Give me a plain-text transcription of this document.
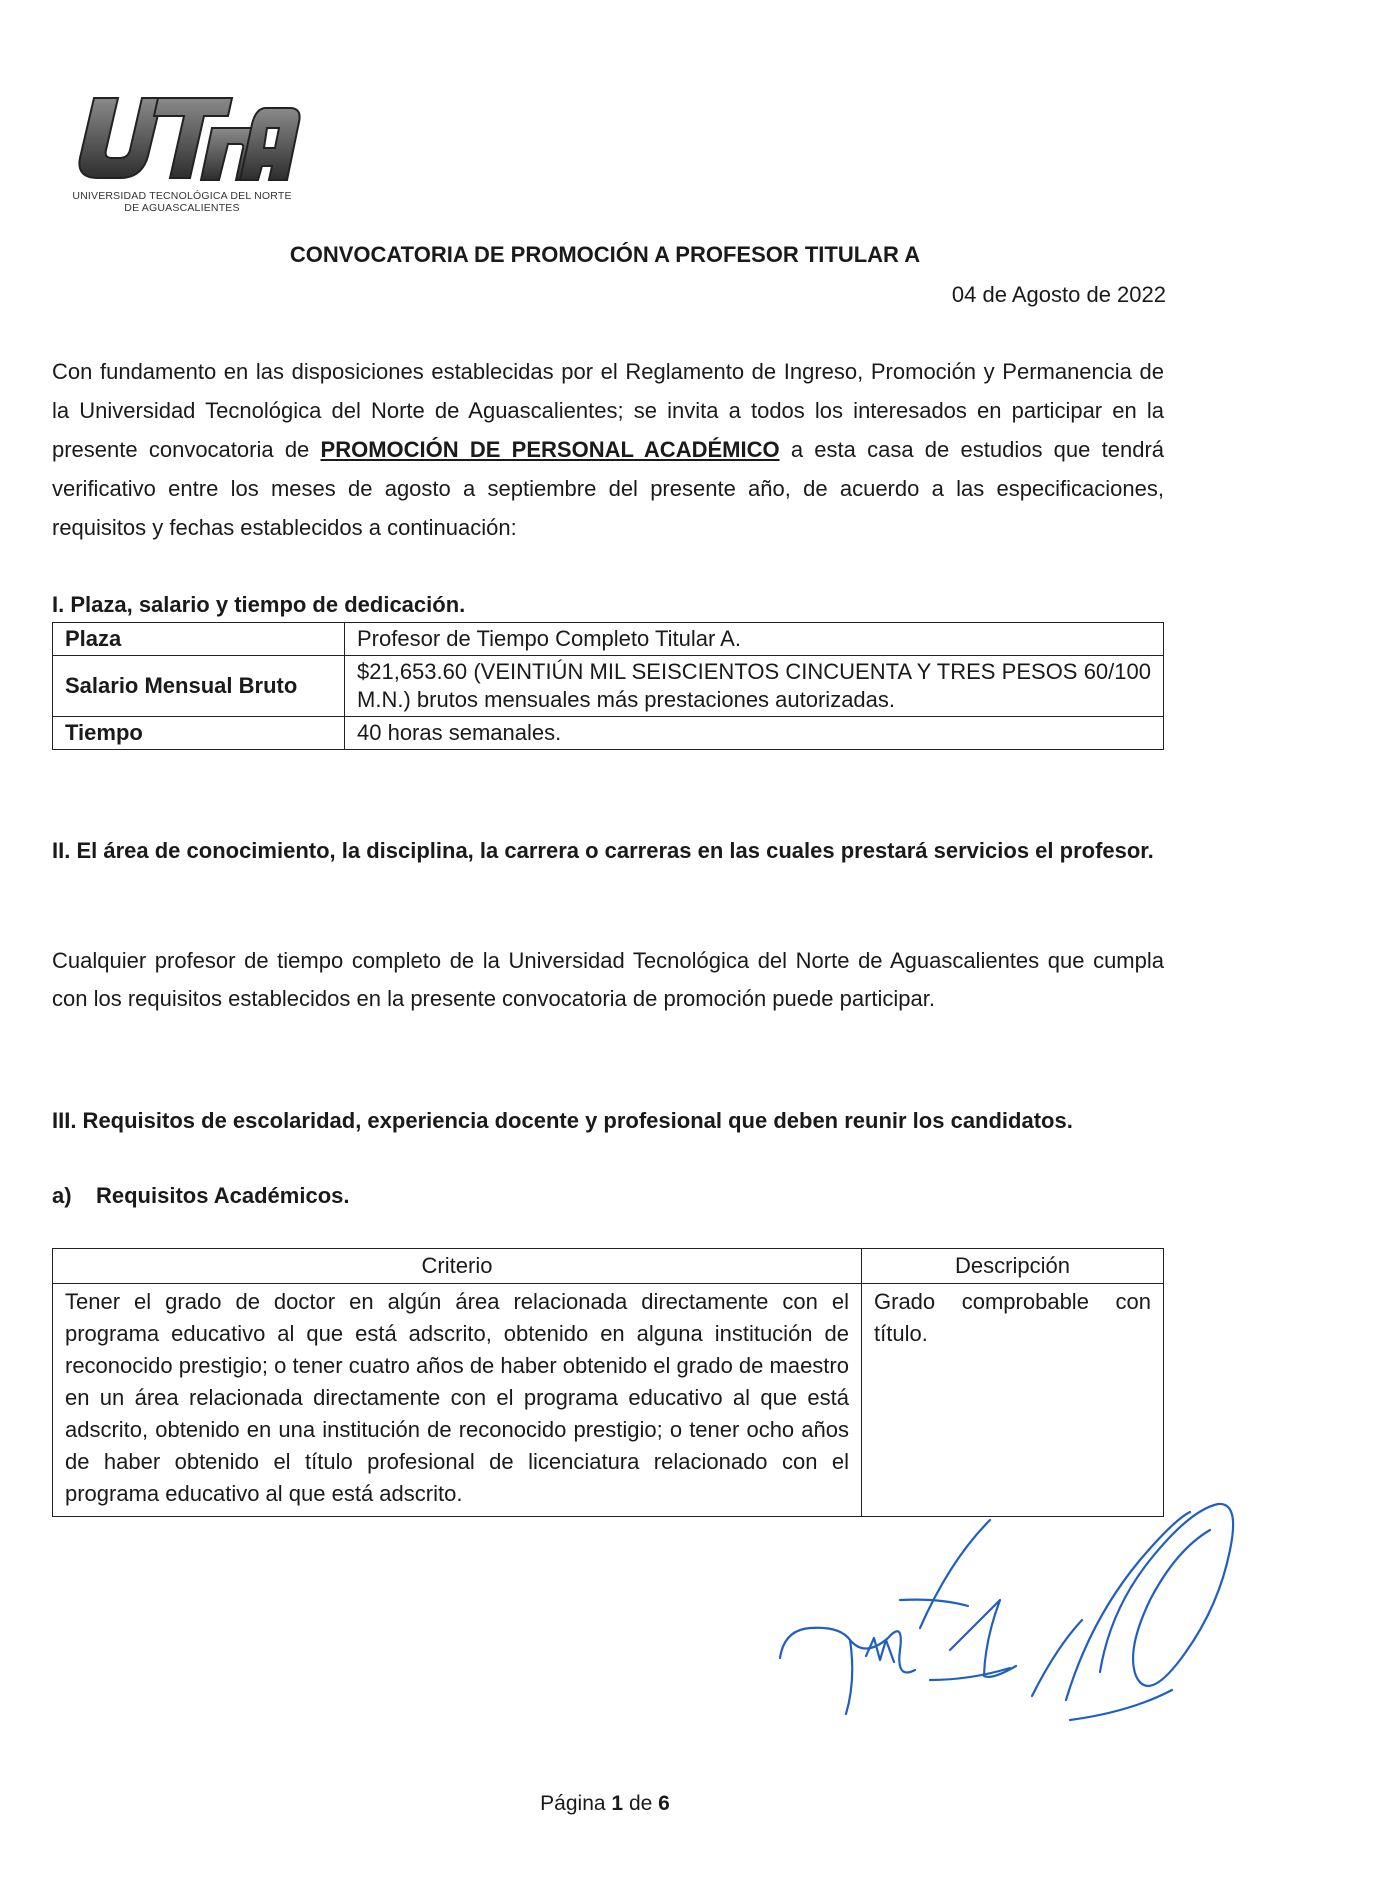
UNIVERSIDAD TECNOLÓGICA DEL NORTE
DE AGUASCALIENTES
CONVOCATORIA DE PROMOCIÓN A PROFESOR TITULAR A
04 de Agosto de 2022
Con fundamento en las disposiciones establecidas por el Reglamento de Ingreso, Promoción y Permanencia de la Universidad Tecnológica del Norte de Aguascalientes; se invita a todos los interesados en participar en la presente convocatoria de PROMOCIÓN DE PERSONAL ACADÉMICO a esta casa de estudios que tendrá verificativo entre los meses de agosto a septiembre del presente año, de acuerdo a las especificaciones, requisitos y fechas establecidos a continuación:
I. Plaza, salario y tiempo de dedicación.
Plaza	Profesor de Tiempo Completo Titular A.
Salario Mensual Bruto	$21,653.60 (VEINTIÚN MIL SEISCIENTOS CINCUENTA Y TRES PESOS 60/100 M.N.) brutos mensuales más prestaciones autorizadas.
Tiempo	40 horas semanales.
II. El área de conocimiento, la disciplina, la carrera o carreras en las cuales prestará servicios el profesor.
Cualquier profesor de tiempo completo de la Universidad Tecnológica del Norte de Aguascalientes que cumpla con los requisitos establecidos en la presente convocatoria de promoción puede participar.
III. Requisitos de escolaridad, experiencia docente y profesional que deben reunir los candidatos.
a) Requisitos Académicos.
Criterio	Descripción
Tener el grado de doctor en algún área relacionada directamente con el programa educativo al que está adscrito, obtenido en alguna institución de reconocido prestigio; o tener cuatro años de haber obtenido el grado de maestro en un área relacionada directamente con el programa educativo al que está adscrito, obtenido en una institución de reconocido prestigio; o tener ocho años de haber obtenido el título profesional de licenciatura relacionado con el programa educativo al que está adscrito.	Grado comprobable con título.
Página 1 de 6
